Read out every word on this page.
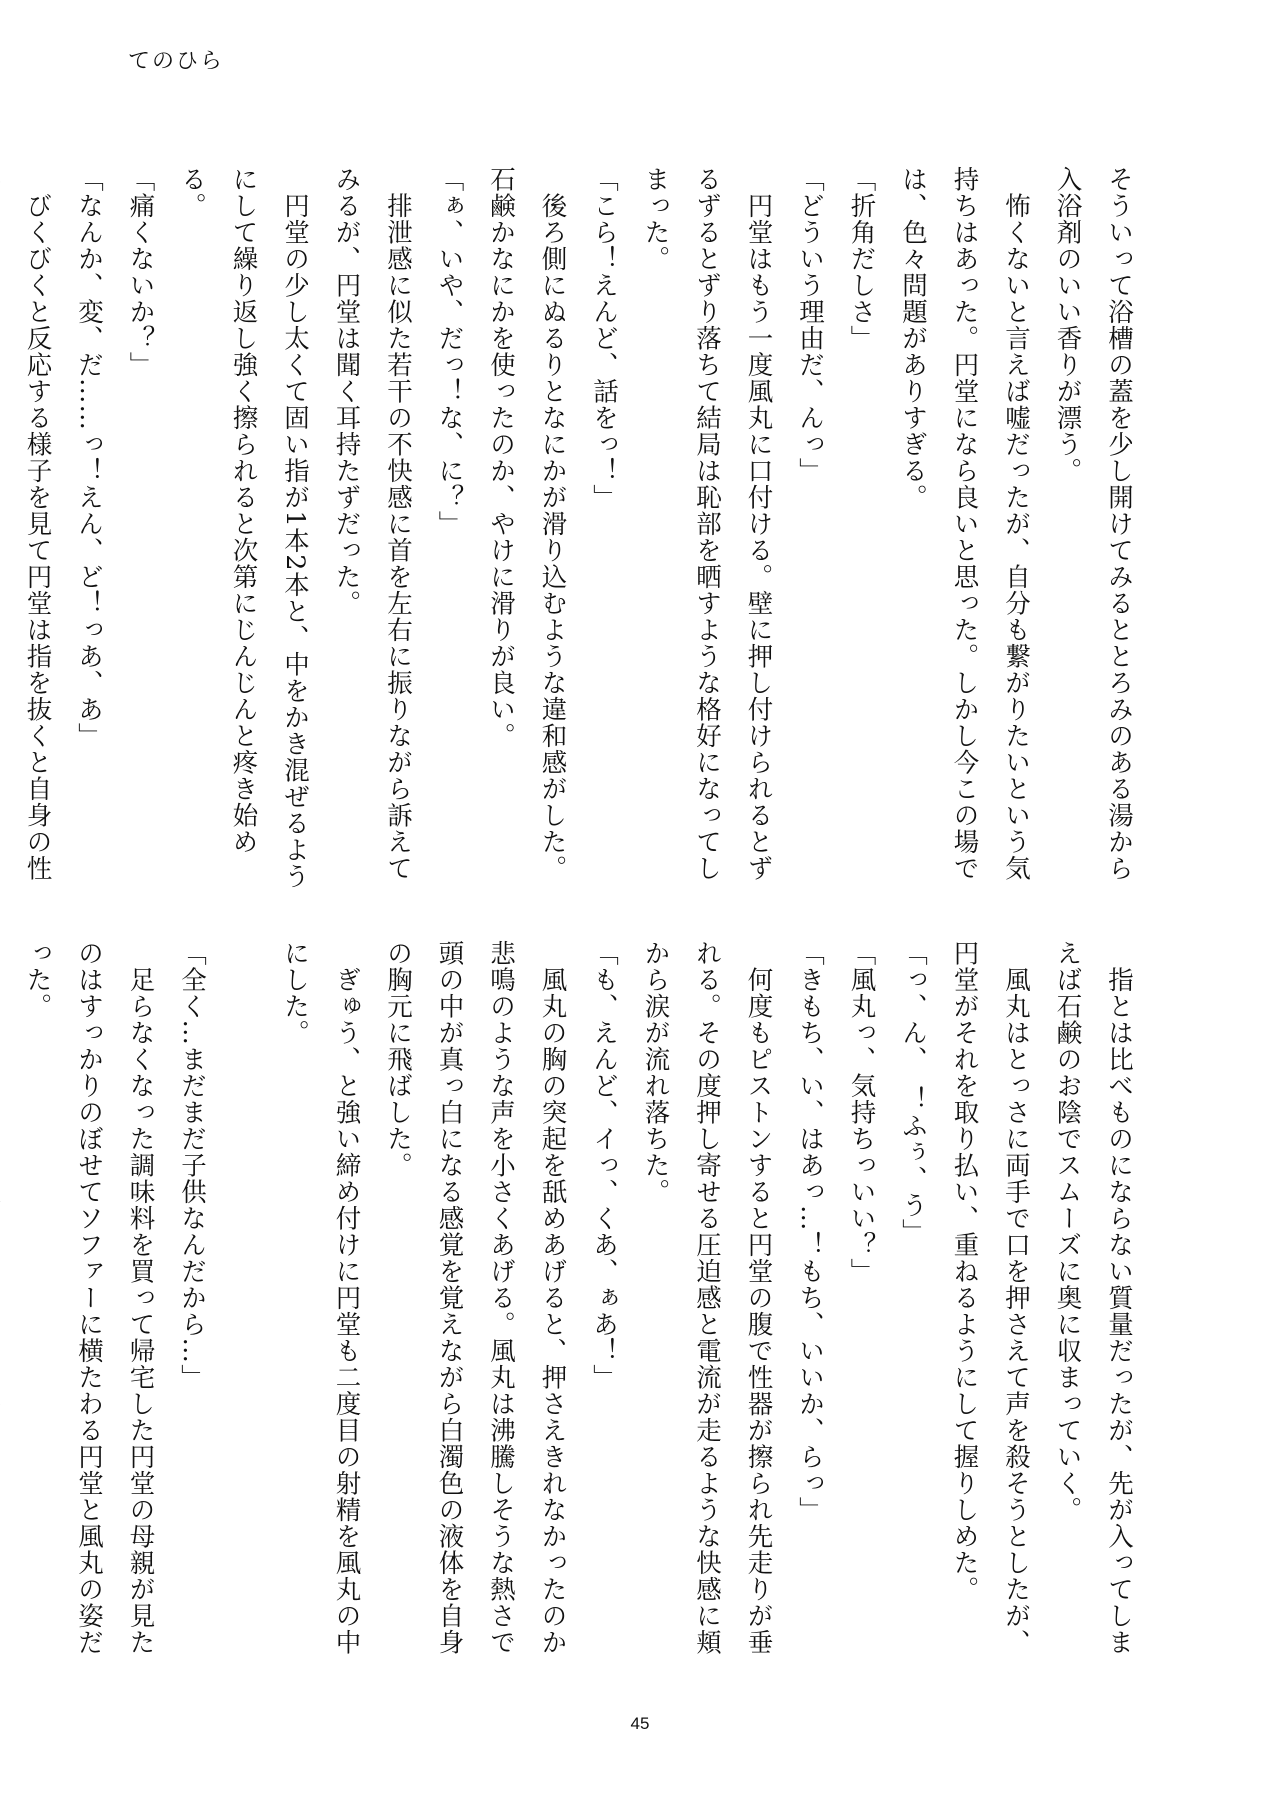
てのひら
そういって浴槽の蓋を少し開けてみるととろみのある湯から入浴剤のいい香りが漂う。
　怖くないと言えば嘘だったが、自分も繋がりたいという気持ちはあった。円堂になら良いと思った。しかし今この場では、色々問題がありすぎる。
「折角だしさ」
「どういう理由だ、んっ」
　円堂はもう一度風丸に口付ける。壁に押し付けられるとずるずるとずり落ちて結局は恥部を晒すような格好になってしまった。
「こら！えんど、話をっ！」
　後ろ側にぬるりとなにかが滑り込むような違和感がした。石鹸かなにかを使ったのか、やけに滑りが良い。
「ぁ、いや、だっ！な、に？」
　排泄感に似た若干の不快感に首を左右に振りながら訴えてみるが、円堂は聞く耳持たずだった。
　円堂の少し太くて固い指が1本2本と、中をかき混ぜるようにして繰り返し強く擦られると次第にじんじんと疼き始める。
「痛くないか？」
「なんか、変、だ……っ！えん、ど！っあ、あ」
　びくびくと反応する様子を見て円堂は指を抜くと自身の性

　指とは比べものにならない質量だったが、先が入ってしまえば石鹸のお陰でスムーズに奥に収まっていく。
　風丸はとっさに両手で口を押さえて声を殺そうとしたが、円堂がそれを取り払い、重ねるようにして握りしめた。
「っ、ん、　！ふぅ、う」
「風丸っ、気持ちっいい？」
「きもち、い、はあっ…！もち、いいか、らっ」
　何度もピストンすると円堂の腹で性器が擦られ先走りが垂れる。その度押し寄せる圧迫感と電流が走るような快感に頬から涙が流れ落ちた。
「も、えんど、イっ、くあ、ぁあ！」
　風丸の胸の突起を舐めあげると、押さえきれなかったのか悲鳴のような声を小さくあげる。風丸は沸騰しそうな熱さで頭の中が真っ白になる感覚を覚えながら白濁色の液体を自身の胸元に飛ばした。
　ぎゅう、と強い締め付けに円堂も二度目の射精を風丸の中にした。

「全く…まだまだ子供なんだから…」
　足らなくなった調味料を買って帰宅した円堂の母親が見たのはすっかりのぼせてソファーに横たわる円堂と風丸の姿だった。

45
